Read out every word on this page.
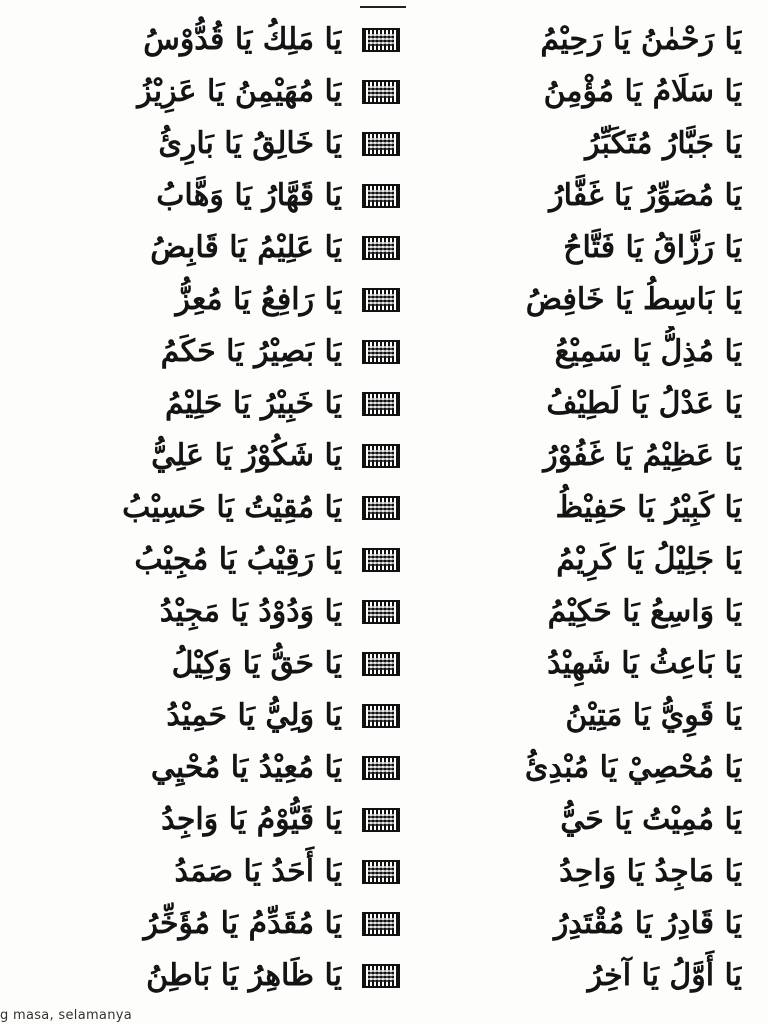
يَا رَحْمٰنُ يَا رَحِيْمُ
يَا مَلِكُ يَا قُدُّوْسُ
يَا سَلَامُ يَا مُؤْمِنُ
يَا مُهَيْمِنُ يَا عَزِيْزُ
يَا جَبَّارُ مُتَكَبِّرُ
يَا خَالِقُ يَا بَارِئُ
يَا مُصَوِّرُ يَا غَفَّارُ
يَا قَهَّارُ يَا وَهَّابُ
يَا رَزَّاقُ يَا فَتَّاحُ
يَا عَلِيْمُ يَا قَابِضُ
يَا بَاسِطُ يَا خَافِضُ
يَا رَافِعُ يَا مُعِزُّ
يَا مُذِلُّ يَا سَمِيْعُ
يَا بَصِيْرُ يَا حَكَمُ
يَا عَدْلُ يَا لَطِيْفُ
يَا خَبِيْرُ يَا حَلِيْمُ
يَا عَظِيْمُ يَا غَفُوْرُ
يَا شَكُوْرُ يَا عَلِيُّ
يَا كَبِيْرُ يَا حَفِيْظُ
يَا مُقِيْتُ يَا حَسِيْبُ
يَا جَلِيْلُ يَا كَرِيْمُ
يَا رَقِيْبُ يَا مُجِيْبُ
يَا وَاسِعُ يَا حَكِيْمُ
يَا وَدُوْدُ يَا مَجِيْدُ
يَا بَاعِثُ يَا شَهِيْدُ
يَا حَقُّ يَا وَكِيْلُ
يَا قَوِيُّ يَا مَتِيْنُ
يَا وَلِيُّ يَا حَمِيْدُ
يَا مُحْصِيْ يَا مُبْدِئُ
يَا مُعِيْدُ يَا مُحْيِي
يَا مُمِيْتُ يَا حَيُّ
يَا قَيُّوْمُ يَا وَاجِدُ
يَا مَاجِدُ يَا وَاحِدُ
يَا أَحَدُ يَا صَمَدُ
يَا قَادِرُ يَا مُقْتَدِرُ
يَا مُقَدِّمُ يَا مُؤَخِّرُ
يَا أَوَّلُ يَا آخِرُ
يَا ظَاهِرُ يَا بَاطِنُ
g masa, selamanya
